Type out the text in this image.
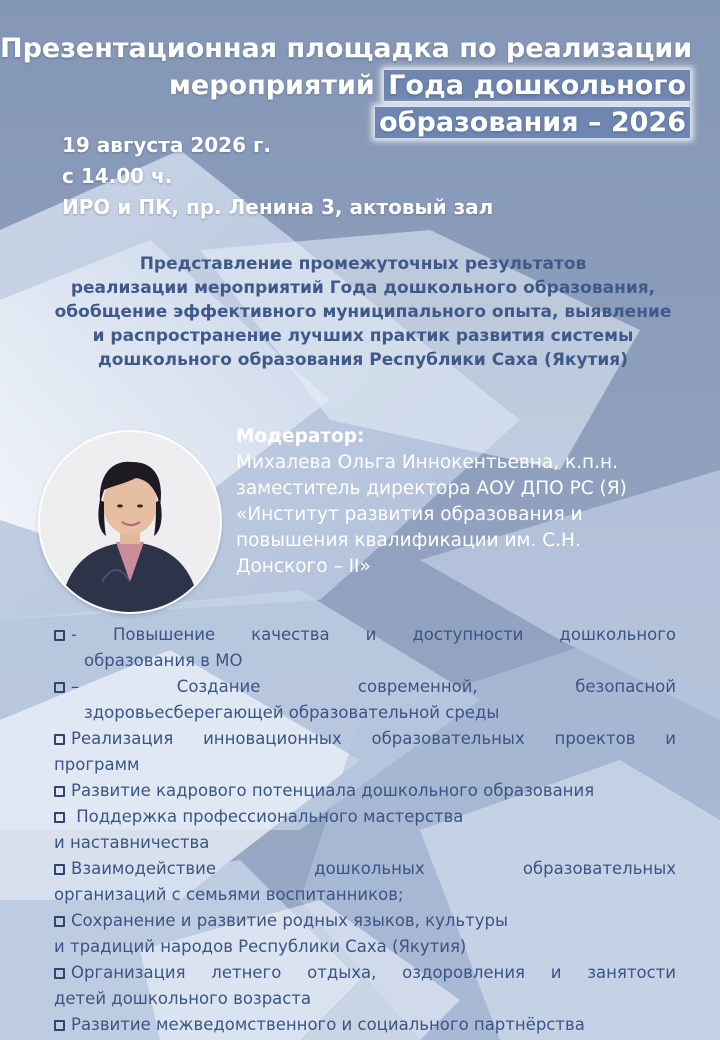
Презентационная площадка по реализации
мероприятий Года дошкольного
образования – 2026
19 августа 2026 г.
с 14.00 ч.
ИРО и ПК, пр. Ленина 3, актовый зал
Представление промежуточных результатов
реализации мероприятий Года дошкольного образования,
обобщение эффективного муниципального опыта, выявление
и распространение лучших практик развития системы
дошкольного образования Республики Саха (Якутия)
Модератор:
Михалева Ольга Иннокентьевна, к.п.н.
заместитель директора АОУ ДПО РС (Я)
«Институт развития образования и
повышения квалификации им. С.Н.
Донского – II»
- Повышение качества и доступности дошкольного
образования в МО
– Создание современной, безопасной
здоровьесберегающей образовательной среды
Реализация инновационных образовательных проектов и
программ
Развитие кадрового потенциала дошкольного образования
Поддержка профессионального мастерства
и наставничества
Взаимодействие дошкольных образовательных
организаций с семьями воспитанников;
Сохранение и развитие родных языков, культуры
и традиций народов Республики Саха (Якутия)
Организация летнего отдыха, оздоровления и занятости
детей дошкольного возраста
Развитие межведомственного и социального партнёрства
